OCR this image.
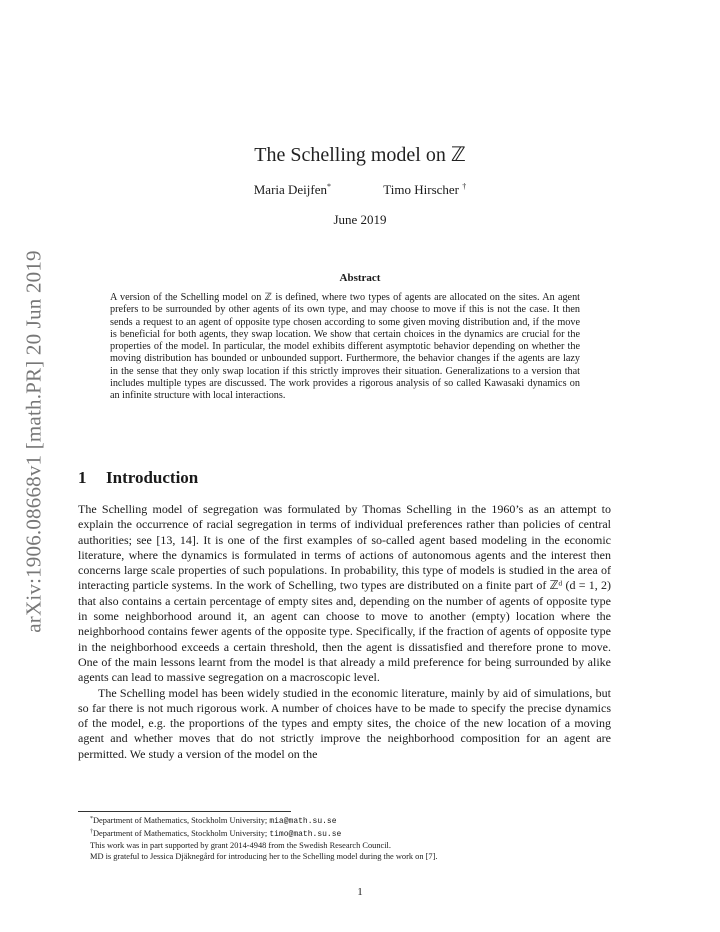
arXiv:1906.08668v1 [math.PR] 20 Jun 2019
The Schelling model on ℤ
Maria Deijfen*	Timo Hirscher †
June 2019
Abstract
A version of the Schelling model on ℤ is defined, where two types of agents are allocated on the sites. An agent prefers to be surrounded by other agents of its own type, and may choose to move if this is not the case. It then sends a request to an agent of opposite type chosen according to some given moving distribution and, if the move is beneficial for both agents, they swap location. We show that certain choices in the dynamics are crucial for the properties of the model. In particular, the model exhibits different asymptotic behavior depending on whether the moving distribution has bounded or unbounded support. Furthermore, the behavior changes if the agents are lazy in the sense that they only swap location if this strictly improves their situation. Generalizations to a version that includes multiple types are discussed. The work provides a rigorous analysis of so called Kawasaki dynamics on an infinite structure with local interactions.
1 Introduction

The Schelling model of segregation was formulated by Thomas Schelling in the 1960’s as an attempt to explain the occurrence of racial segregation in terms of individual preferences rather than policies of central authorities; see [13, 14]. It is one of the first examples of so-called agent based modeling in the economic literature, where the dynamics is formulated in terms of actions of autonomous agents and the interest then concerns large scale properties of such populations. In probability, this type of models is studied in the area of interacting particle systems. In the work of Schelling, two types are distributed on a finite part of ℤᵈ (d = 1, 2) that also contains a certain percentage of empty sites and, depending on the number of agents of opposite type in some neighborhood around it, an agent can choose to move to another (empty) location where the neighborhood contains fewer agents of the opposite type. Specifically, if the fraction of agents of opposite type in the neighborhood exceeds a certain threshold, then the agent is dissatisfied and therefore prone to move. One of the main lessons learnt from the model is that already a mild preference for being surrounded by alike agents can lead to massive segregation on a macroscopic level.

The Schelling model has been widely studied in the economic literature, mainly by aid of simulations, but so far there is not much rigorous work. A number of choices have to be made to specify the precise dynamics of the model, e.g. the proportions of the types and empty sites, the choice of the new location of a moving agent and whether moves that do not strictly improve the neighborhood composition for an agent are permitted. We study a version of the model on the

*Department of Mathematics, Stockholm University; mia@math.su.se
†Department of Mathematics, Stockholm University; timo@math.su.se
This work was in part supported by grant 2014-4948 from the Swedish Research Council.
MD is grateful to Jessica Djäknegård for introducing her to the Schelling model during the work on [7].
1
